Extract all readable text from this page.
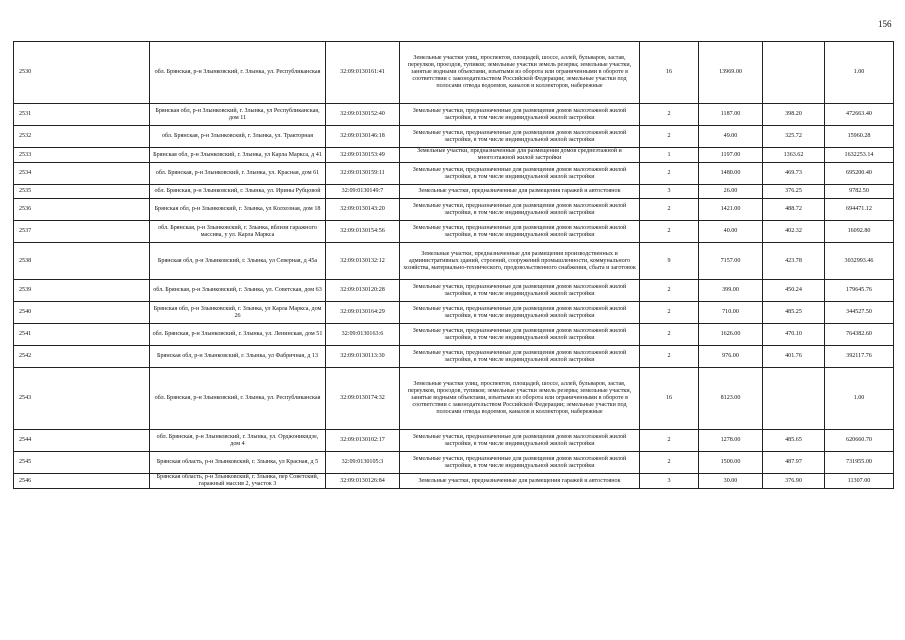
156
2530	обл. Брянская, р-н Злынковский, г. Злынка, ул. Республиканская	32:09:0130161:41	Земельные участки улиц, проспектов, площадей, шоссе, аллей, бульваров, застав, переулков, проездов, тупиков; земельные участки земель резерва; земельные участки, занятые водными объектами, изъятыми из оборота или ограниченными в обороте в соответствии с законодательством Российской Федерации; земельные участки под полосами отвода водоемов, каналов и коллекторов, набережные	16	13969.00		1.00
2531	Брянская обл, р-н Злынковский, г. Злынка, ул Республиканская, дом 11	32:09:0130152:40	Земельные участки, предназначенные для размещения домов малоэтажной жилой застройки, в том числе индивидуальной жилой застройки	2	1187.00	398.20	472663.40
2532	обл. Брянская, р-н Злынковский, г. Злынка, ул. Тракторная	32:09:0130146:18	Земельные участки, предназначенные для размещения домов малоэтажной жилой застройки, в том числе индивидуальной жилой застройки	2	49.00	325.72	15960.28
2533	Брянская обл, р-н Злынковский, г. Злынка, ул Карла Маркса, д 41	32:09:0130153:49	Земельные участки, предназначенные для размещения домов среднеэтажной и многоэтажной жилой застройки	1	1197.00	1363.62	1632253.14
2534	обл. Брянская, р-н Злынковский, г. Злынка, ул. Красная, дом 61	32:09:0130159:11	Земельные участки, предназначенные для размещения домов малоэтажной жилой застройки, в том числе индивидуальной жилой застройки	2	1480.00	469.73	695200.40
2535	обл. Брянская, р-н Злынковский, г. Злынка, ул. Ирины Рубцовой	32:09:0130149:7	Земельные участки, предназначенные для размещения гаражей и автостоянок	3	26.00	376.25	9782.50
2536	Брянская обл, р-н Злынковский, г. Злынка, ул Колхозная, дом 18	32:09:0130143:20	Земельные участки, предназначенные для размещения домов малоэтажной жилой застройки, в том числе индивидуальной жилой застройки	2	1421.00	488.72	694471.12
2537	обл. Брянская, р-н Злынковский, г. Злынка, вблизи гаражного массива, у ул. Карла Маркса	32:09:0130154:56	Земельные участки, предназначенные для размещения домов малоэтажной жилой застройки, в том числе индивидуальной жилой застройки	2	40.00	402.32	16092.80
2538	Брянская обл, р-н Злынковский, г. Злынка, ул Северная, д 45а	32:09:0130132:12	Земельные участки, предназначенные для размещения производственных и административных зданий, строений, сооружений промышленности, коммунального хозяйства, материально-технического, продовольственного снабжения, сбыта и заготовок	9	7157.00	423.78	3032993.46
2539	обл. Брянская, р-н Злынковский, г. Злынка, ул. Советская, дом 63	32:09:0130120:28	Земельные участки, предназначенные для размещения домов малоэтажной жилой застройки, в том числе индивидуальной жилой застройки	2	399.00	450.24	179645.76
2540	Брянская обл, р-н Злынковский, г. Злынка, ул Карла Маркса, дом 26	32:09:0130164:29	Земельные участки, предназначенные для размещения домов малоэтажной жилой застройки, в том числе индивидуальной жилой застройки	2	710.00	485.25	344527.50
2541	обл. Брянская, р-н Злынковский, г. Злынка, ул. Ленинская, дом 51	32:09:0130163:6	Земельные участки, предназначенные для размещения домов малоэтажной жилой застройки, в том числе индивидуальной жилой застройки	2	1626.00	470.10	764382.60
2542	Брянская обл, р-н Злынковский, г. Злынка, ул Фабричная, д 13	32:09:0130113:30	Земельные участки, предназначенные для размещения домов малоэтажной жилой застройки, в том числе индивидуальной жилой застройки	2	976.00	401.76	392117.76
2543	обл. Брянская, р-н Злынковский, г. Злынка, ул. Республиканская	32:09:0130174:32	Земельные участки улиц, проспектов, площадей, шоссе, аллей, бульваров, застав, переулков, проездов, тупиков; земельные участки земель резерва; земельные участки, занятые водными объектами, изъятыми из оборота или ограниченными в обороте в соответствии с законодательством Российской Федерации; земельные участки под полосами отвода водоемов, каналов и коллекторов, набережные	16	8123.00		1.00
2544	обл. Брянская, р-н Злынковский, г. Злынка, ул. Орджоникидзе, дом 4	32:09:0130102:17	Земельные участки, предназначенные для размещения домов малоэтажной жилой застройки, в том числе индивидуальной жилой застройки	2	1278.00	485.65	620660.70
2545	Брянская область, р-н Злынковский, г. Злынка, ул Красная, д 5	32:09:0130105:3	Земельные участки, предназначенные для размещения домов малоэтажной жилой застройки, в том числе индивидуальной жилой застройки	2	1500.00	487.97	731955.00
2546	Брянская область, р-н Злынковский, г. Злынка, пер Советский, гаражный массив 2, участок 3	32:09:0130126:84	Земельные участки, предназначенные для размещения гаражей и автостоянок	3	30.00	376.90	11307.00
